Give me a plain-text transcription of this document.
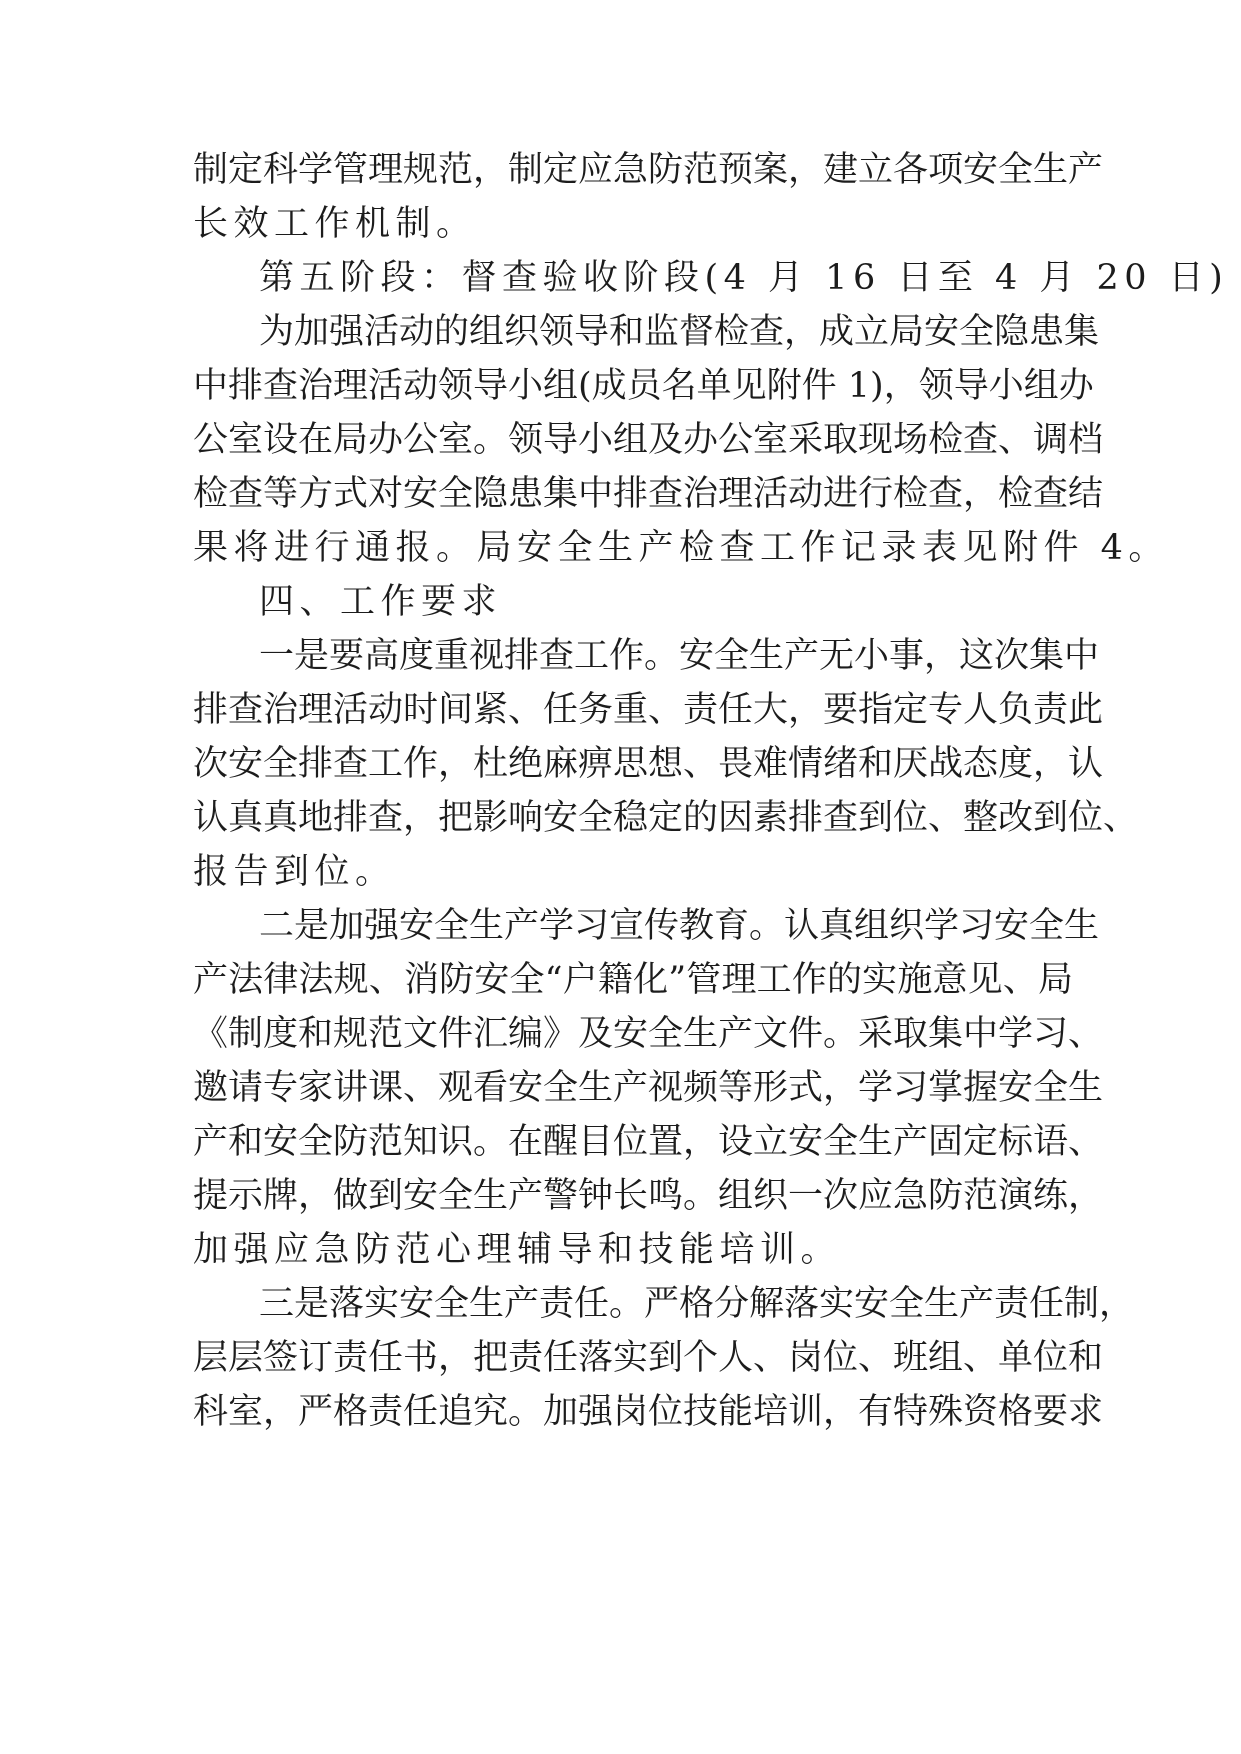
制定科学管理规范，制定应急防范预案，建立各项安全生产
长效工作机制。
第五阶段：督查验收阶段(4 月 16 日至 4 月 20 日)
为加强活动的组织领导和监督检查，成立局安全隐患集
中排查治理活动领导小组(成员名单见附件 1)，领导小组办
公室设在局办公室。领导小组及办公室采取现场检查、调档
检查等方式对安全隐患集中排查治理活动进行检查，检查结
果将进行通报。局安全生产检查工作记录表见附件 4。
四、工作要求
一是要高度重视排查工作。安全生产无小事，这次集中
排查治理活动时间紧、任务重、责任大，要指定专人负责此
次安全排查工作，杜绝麻痹思想、畏难情绪和厌战态度，认
认真真地排查，把影响安全稳定的因素排查到位、整改到位、
报告到位。
二是加强安全生产学习宣传教育。认真组织学习安全生
产法律法规、消防安全“户籍化”管理工作的实施意见、局
《制度和规范文件汇编》及安全生产文件。采取集中学习、
邀请专家讲课、观看安全生产视频等形式，学习掌握安全生
产和安全防范知识。在醒目位置，设立安全生产固定标语、
提示牌，做到安全生产警钟长鸣。组织一次应急防范演练，
加强应急防范心理辅导和技能培训。
三是落实安全生产责任。严格分解落实安全生产责任制，
层层签订责任书，把责任落实到个人、岗位、班组、单位和
科室，严格责任追究。加强岗位技能培训，有特殊资格要求
